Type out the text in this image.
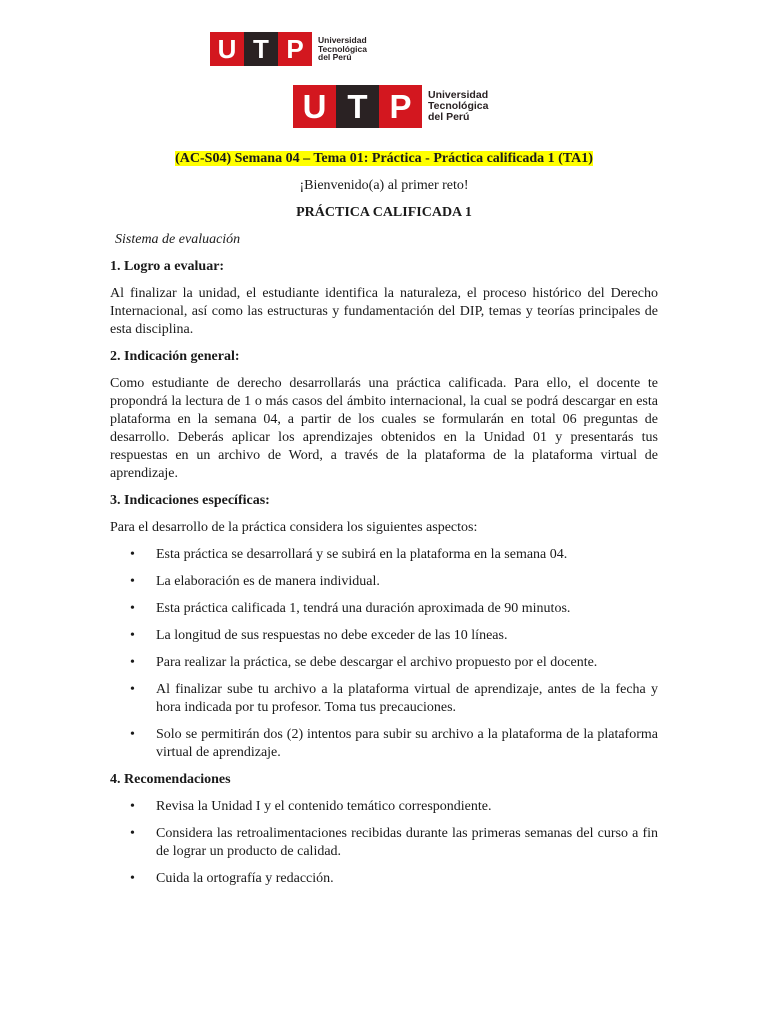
U T P	Universidad
Tecnológica
del Perú
U T P	Universidad
Tecnológica
del Perú
(AC-S04) Semana 04 – Tema 01: Práctica - Práctica calificada 1 (TA1)
¡Bienvenido(a) al primer reto!
PRÁCTICA CALIFICADA 1
Sistema de evaluación
1. Logro a evaluar:

Al finalizar la unidad, el estudiante identifica la naturaleza, el proceso histórico del Derecho Internacional, así como las estructuras y fundamentación del DIP, temas y teorías principales de esta disciplina.

2. Indicación general:

Como estudiante de derecho desarrollarás una práctica calificada. Para ello, el docente te propondrá la lectura de 1 o más casos del ámbito internacional, la cual se podrá descargar en esta plataforma en la semana 04, a partir de los cuales se formularán en total 06 preguntas de desarrollo. Deberás aplicar los aprendizajes obtenidos en la Unidad 01 y presentarás tus respuestas en un archivo de Word, a través de la plataforma de la plataforma virtual de aprendizaje.

3. Indicaciones específicas:

Para el desarrollo de la práctica considera los siguientes aspectos:

• Esta práctica se desarrollará y se subirá en la plataforma en la semana 04.
• La elaboración es de manera individual.
• Esta práctica calificada 1, tendrá una duración aproximada de 90 minutos.
• La longitud de sus respuestas no debe exceder de las 10 líneas.
• Para realizar la práctica, se debe descargar el archivo propuesto por el docente.
• Al finalizar sube tu archivo a la plataforma virtual de aprendizaje, antes de la fecha y hora indicada por tu profesor. Toma tus precauciones.
• Solo se permitirán dos (2) intentos para subir su archivo a la plataforma de la plataforma virtual de aprendizaje.
4. Recomendaciones
• Revisa la Unidad I y el contenido temático correspondiente.
• Considera las retroalimentaciones recibidas durante las primeras semanas del curso a fin de lograr un producto de calidad.
• Cuida la ortografía y redacción.
